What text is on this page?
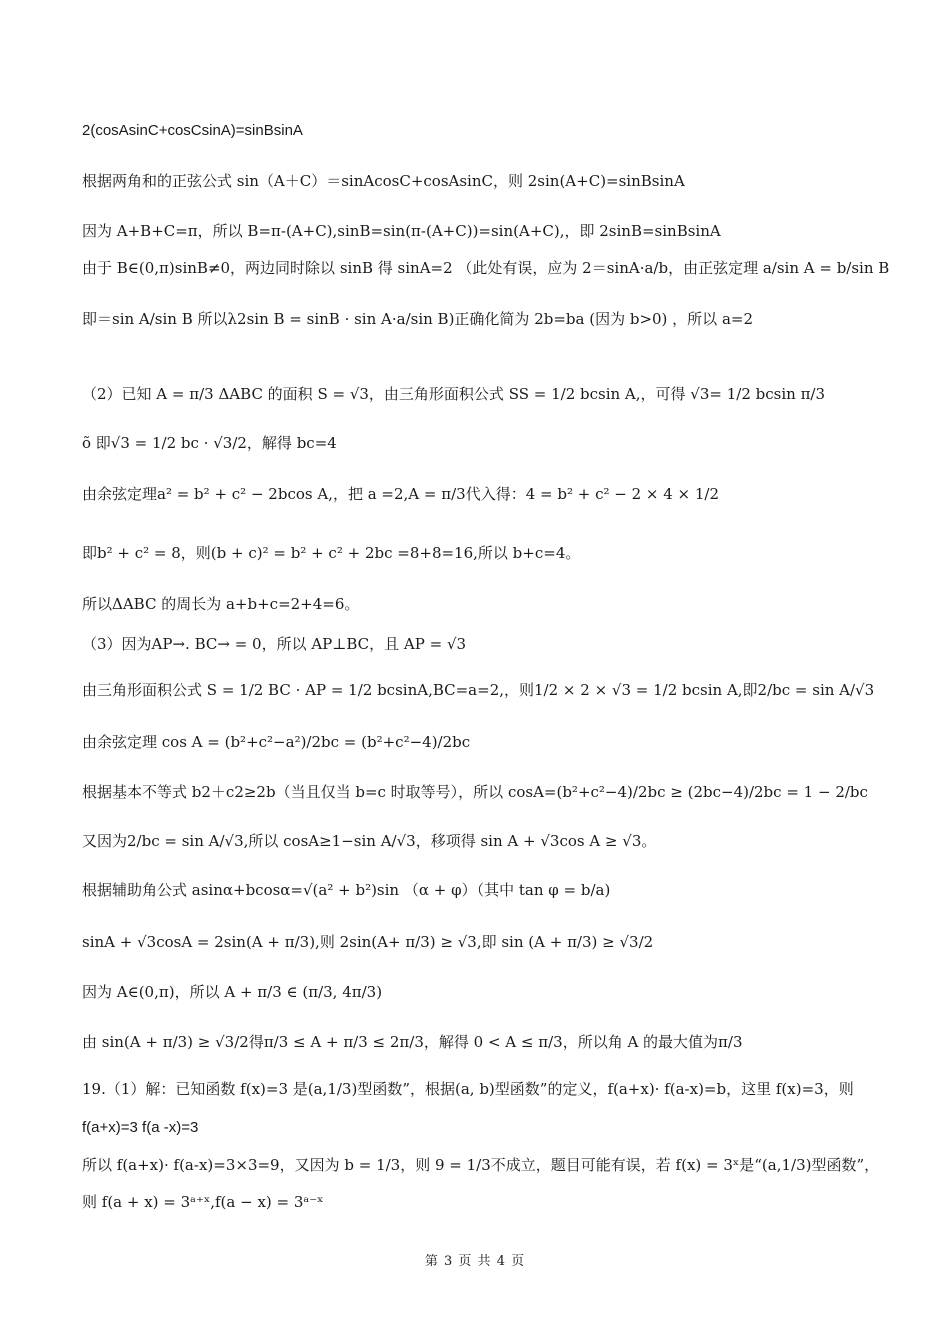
2(cosAsinC+cosCsinA)=sinBsinA
根据两角和的正弦公式 sin（A＋C）＝sinAcosC+cosAsinC，则 2sin(A+C)=sinBsinA
因为 A+B+C=π，所以 B=π-(A+C),sinB=sin(π-(A+C))=sin(A+C),，即 2sinB=sinBsinA
由于 B∈(0,π)sinB≠0，两边同时除以 sinB 得 sinA=2 （此处有误，应为 2＝sinA·a/b，由正弦定理 a/sin A = b/sin B
即＝sin A/sin B 所以λ2sin B = sinB · sin A·a/sin B)正确化简为 2b=ba (因为 b>0) ，所以 a=2
（2）已知 A = π/3 ΔABC 的面积 S = √3，由三角形面积公式 SS = 1/2 bcsin A,，可得 √3= 1/2 bcsin π/3
õ 即√3 = 1/2 bc · √3/2，解得 bc=4
由余弦定理a² = b² + c² − 2bcos A,，把 a =2,A = π/3代入得：4 = b² + c² − 2 × 4 × 1/2
即b² + c² = 8，则(b + c)² = b² + c² + 2bc =8+8=16,所以 b+c=4。
所以ΔABC 的周长为 a+b+c=2+4=6。
（3）因为AP→. BC→ = 0，所以 AP⊥BC，且 AP = √3
由三角形面积公式 S = 1/2 BC · AP = 1/2 bcsinA,BC=a=2,，则1/2 × 2 × √3 = 1/2 bcsin A,即2/bc = sin A/√3
由余弦定理 cos A = (b²+c²−a²)/2bc = (b²+c²−4)/2bc
根据基本不等式 b2＋c2≥2b（当且仅当 b=c 时取等号），所以 cosA=(b²+c²−4)/2bc ≥ (2bc−4)/2bc = 1 − 2/bc
又因为2/bc = sin A/√3,所以 cosA≥1−sin A/√3，移项得 sin A + √3cos A ≥ √3。
根据辅助角公式 asinα+bcosα=√(a² + b²)sin （α + φ）（其中 tan φ = b/a)
sinA + √3cosA = 2sin(A + π/3),则 2sin(A+ π/3) ≥ √3,即 sin (A + π/3) ≥ √3/2
因为 A∈(0,π)，所以 A + π/3 ∈ (π/3, 4π/3)
由 sin(A + π/3) ≥ √3/2得π/3 ≤ A + π/3 ≤ 2π/3，解得 0 < A ≤ π/3，所以角 A 的最大值为π/3
19.（1）解：已知函数 f(x)=3 是(a,1/3)型函数”，根据(a, b)型函数”的定义，f(a+x)· f(a-x)=b，这里 f(x)=3，则
f(a+x)=3 f(a -x)=3
所以 f(a+x)· f(a-x)=3×3=9，又因为 b = 1/3，则 9 = 1/3不成立，题目可能有误，若 f(x) = 3ˣ是“(a,1/3)型函数”，
则 f(a + x) = 3ᵃ⁺ˣ,f(a − x) = 3ᵃ⁻ˣ
第 3 页 共 4 页
